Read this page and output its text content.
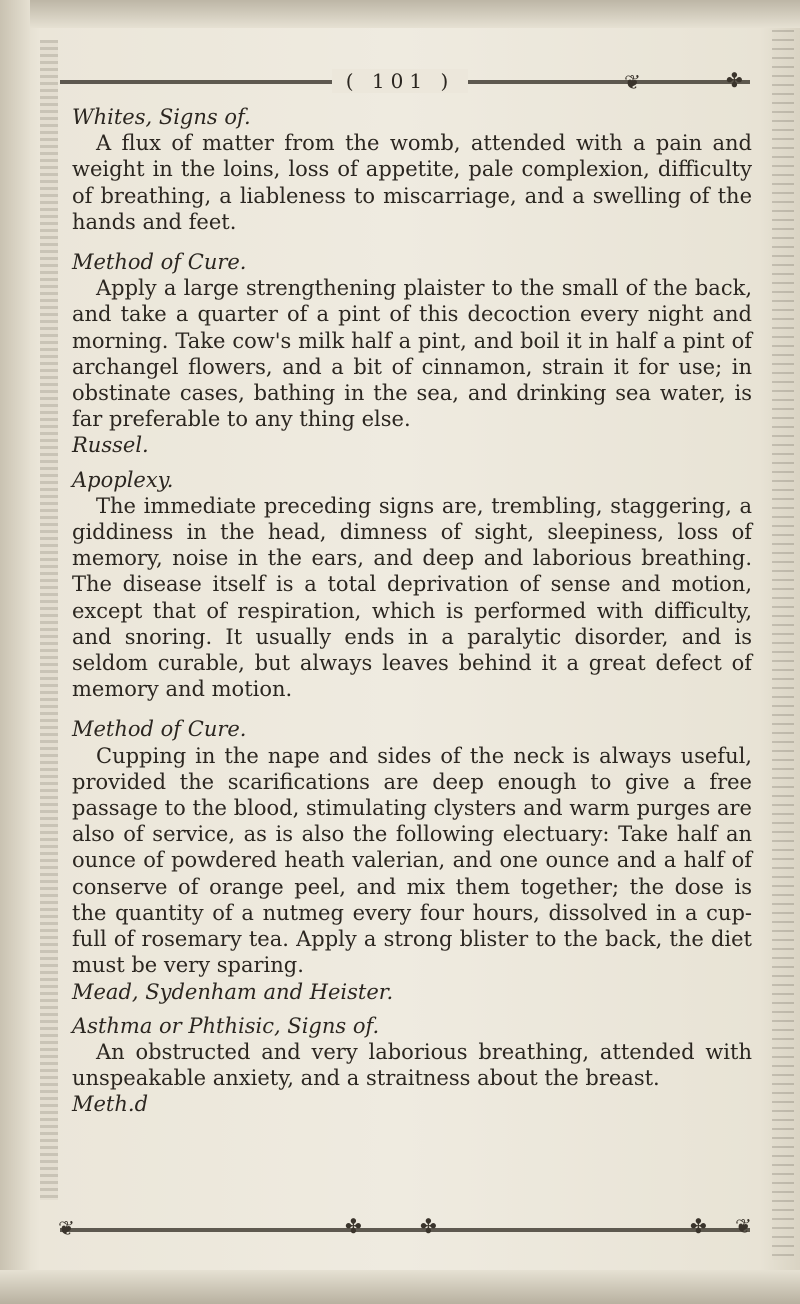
( 101 )	❦	✤

Whites, Signs of.

A flux of matter from the womb, attended with a pain and weight in the loins, loss of appetite, pale complexion, difficulty of breathing, a liableness to miscarriage, and a swelling of the hands and feet.

Method of Cure.

Apply a large strengthening plaister to the small of the back, and take a quarter of a pint of this decoction every night and morning. Take cow's milk half a pint, and boil it in half a pint of archangel flowers, and a bit of cinnamon, strain it for use; in obstinate cases, bathing in the sea, and drinking sea water, is far preferable to any thing else.

Russel.

Apoplexy.

The immediate preceding signs are, trembling, staggering, a giddiness in the head, dimness of sight, sleepiness, loss of memory, noise in the ears, and deep and laborious breathing. The disease itself is a total deprivation of sense and motion, except that of respiration, which is performed with difficulty, and snoring. It usually ends in a paralytic disorder, and is seldom curable, but always leaves behind it a great defect of memory and motion.

Method of Cure.

Cupping in the nape and sides of the neck is always useful, provided the scarifications are deep enough to give a free passage to the blood, stimulating clysters and warm purges are also of service, as is also the following electuary: Take half an ounce of powdered heath valerian, and one ounce and a half of conserve of orange peel, and mix them together; the dose is the quantity of a nutmeg every four hours, dissolved in a cup-full of rosemary tea. Apply a strong blister to the back, the diet must be very sparing.

Mead, Sydenham and Heister.

Asthma or Phthisic, Signs of.

An obstructed and very laborious breathing, attended with unspeakable anxiety, and a straitness about the breast.

Meth.d

❦	✤	✤	✤ ❦
